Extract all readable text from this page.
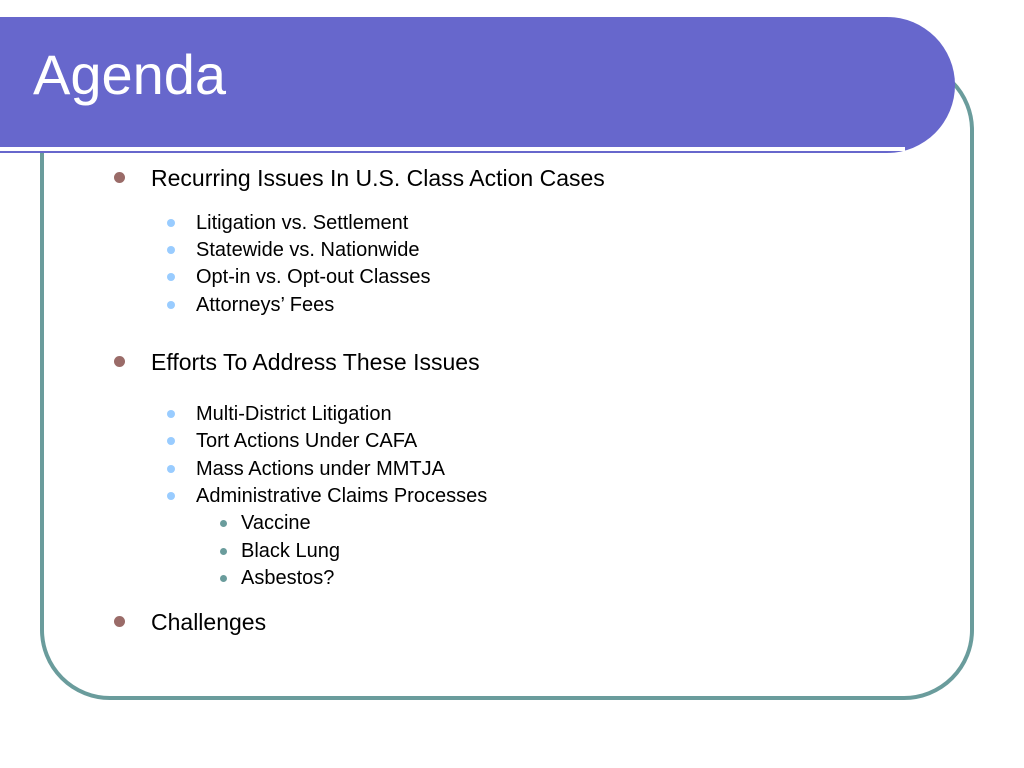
Agenda
Recurring Issues In U.S. Class Action Cases
Litigation vs. Settlement
Statewide vs. Nationwide
Opt-in vs. Opt-out Classes
Attorneys’ Fees
Efforts To Address These Issues
Multi-District Litigation
Tort Actions Under CAFA
Mass Actions under MMTJA
Administrative Claims Processes
Vaccine
Black Lung
Asbestos?
Challenges
